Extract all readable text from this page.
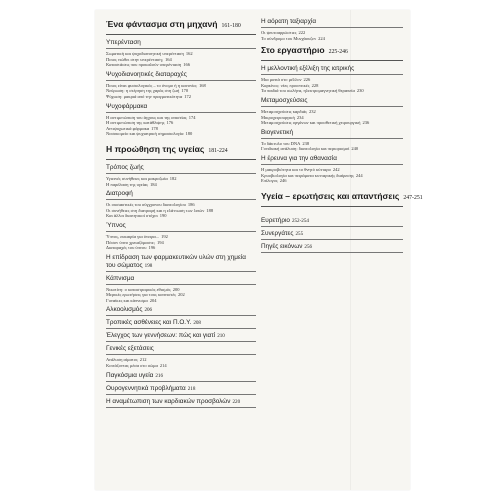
Ένα φάντασμα στη μηχανή 161-180
Υπερένταση
Σωματική και ψυχοδιανοητική υπερένταση 162
Ποιος νιώθει στην υπερένταση; 164
Καταστάσεις που προκαλούν υπερένταση 166
Ψυχοδιανοητικές διαταραχές
Ποιος είναι φυσιολογικός – το όνομο ή η κανονία; 168
Νεύρωση: η στέρηση της χαράς στη ζωή 170
Ψύχωση: μακριά από την πραγματικότητα 172
Ψυχοφάρμακα
Η αντιμετώπιση του άγχους και της απιστίας 174
Η αντιμετώπιση της κατάθλιψης 176
Αντιψυχωτικά φάρμακα 178
Νοσοκομείο και ψυχιατρική σημασιολογία 180
Η προώθηση της υγείας 181-224
Τρόπος ζωής
Υγιεινές συνήθειες και μακροζωία 182
Η παρέλαση της υγείας 184
Διατροφή
Οι ουσιαστικές του σύγχρονου διαιτολογίου 186
Οι συνήθειες στη διατροφή και η ελάττωση των λιπών 188
Και άλλοι διαιτητικοί στόχοι 190
Ύπνος
Ύπνος, ευκαιρία για όνειρα... 192
Πόσον ύπνο χρειαζόμαστε; 194
Διαταραχές του ύπνου 196
Η επίδραση των φαρμακευτικών υλών στη χημεία του σώματος 198
Κάπνισμα
Νικοτίνη: ο καταστροφικός εθισμός 200
Μερικές ερωτήσεις για τους καπνιστές 202
Γυναίκες και κάπνισμα 204
Αλκοολισμός 206
Τροπικές ασθένειες και Π.Ο.Υ. 208
Έλεγχος των γεννήσεων: πώς και γιατί 210
Γενικές εξετάσεις
Ανάλυση αίματος 212
Κοιτάζοντας μέσα στο σώμα 214
Παγκόσμια υγεία 216
Ουρογεννητικά προβλήματα 218
Η αναμέτωπιση των καρδιακών προσβολών 220
Η αόρατη ταξιαρχία
Οι ψευτοαρρώστιες 222
Το σύνδρομο του Μυνχάουζεν 224
Στο εργαστήριο 225-246
Η μελλοντική εξέλιξη της ιατρικής
Μια ματιά στο μέλλον 226
Καρκίνος: νέες προοπτικές 228
Τα παιδιά του σωλήνα, ηλεκτρομαγνητική θεραπεία 230
Μεταμοσχεύσεις
Μεταμοσχεύσεις καρδιάς 232
Μικροχειρουργική 234
Μεταμοσχεύσεις οργάνων και προσθετική χειρουργική 236
Βιογενετική
Το δάκτυλο του DNA 238
Γονιδιακή ανάλυση: διαιτολογία και περιορισμοί 240
Η έρευνα για την αθανασία
Η μακροβιότητα και το θνητό κύτταρο 242
Κρυοβιολογία και πειράματα κυτταρικής διαίρεσης 244
Επίλογος 246
Υγεία – ερωτήσεις και απαντήσεις 247-251
Ευρετήριο 252-254
Συνεργάτες 255
Πηγές εικόνων 256
